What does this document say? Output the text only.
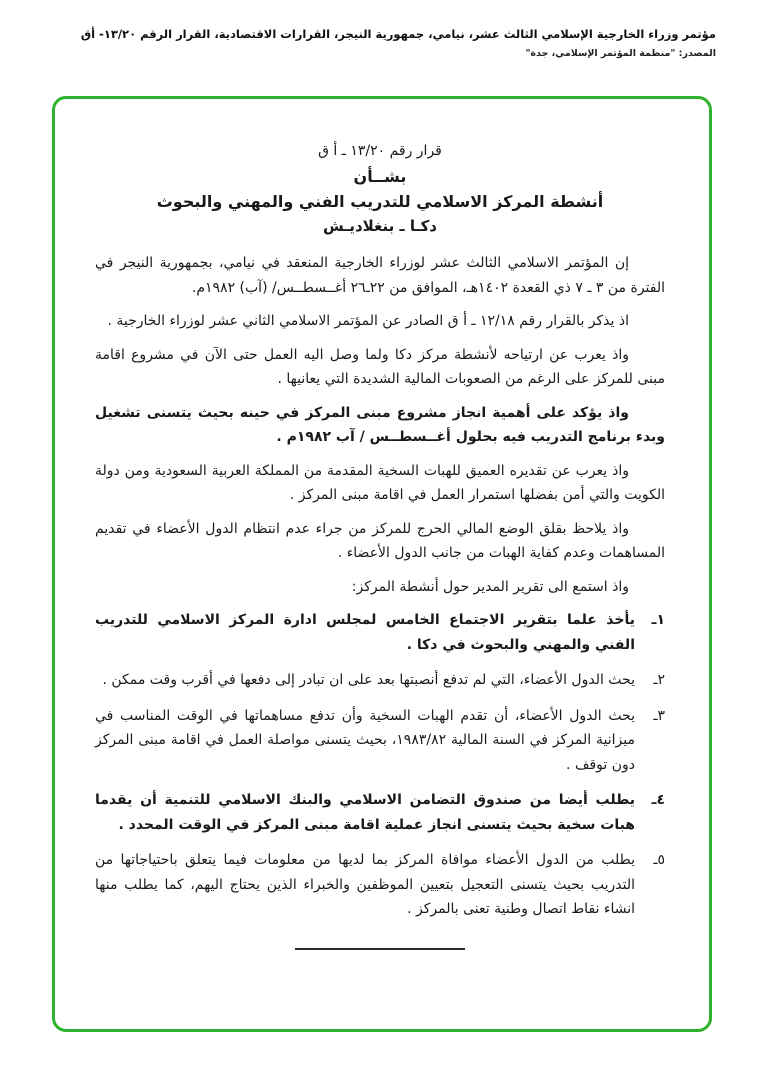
مؤتمر وزراء الخارجية الإسلامي الثالث عشر، نيامي، جمهورية النيجر، القرارات الاقتصادية، القرار الرقم ١٣/٢٠- أق
المصدر: "منظمة المؤتمر الإسلامي، جدة"
قرار رقم ١٣/٢٠ ـ أ ق
بشــأن
أنشطة المركز الاسلامي للتدريب الفني والمهني والبحوث
دكـا ـ بنغلاديـش

إن المؤتمر الاسلامي الثالث عشر لوزراء الخارجية المنعقد في نيامي، بجمهورية النيجر في الفترة من ٣ ـ ٧ ذي القعدة ١٤٠٢هـ، الموافق من ٢٢ـ٢٦ أغــسطــس/ (آب) ١٩٨٢م.

اذ يذكر بالقرار رقم ١٢/١٨ ـ أ ق الصادر عن المؤتمر الاسلامي الثاني عشر لوزراء الخارجية .

واذ يعرب عن ارتياحه لأنشطة مركز دكا ولما وصل اليه العمل حتى الآن في مشروع اقامة مبنى للمركز على الرغم من الصعوبات المالية الشديدة التي يعانيها .

واذ يؤكد على أهمية انجاز مشروع مبنى المركز في حينه بحيث يتسنى تشغيل وبدء برنامج التدريب فيه بحلول أغــسطــس / آب ١٩٨٢م .

واذ يعرب عن تقديره العميق للهبات السخية المقدمة من المملكة العربية السعودية ومن دولة الكويت والتي أمن بفضلها استمرار العمل في اقامة مبنى المركز .

واذ يلاحظ بقلق الوضع المالي الحرج للمركز من جراء عدم انتظام الدول الأعضاء في تقديم المساهمات وعدم كفاية الهبات من جانب الدول الأعضاء .

واذ استمع الى تقرير المدير حول أنشطة المركز:

١ـ
يأخذ علما بتقرير الاجتماع الخامس لمجلس ادارة المركز الاسلامي للتدريب الفني والمهني والبحوث في دكا .
٢ـ
يحث الدول الأعضاء، التي لم تدفع أنصبتها بعد على ان تبادر إلى دفعها في أقرب وقت ممكن .
٣ـ
يحث الدول الأعضاء، أن تقدم الهبات السخية وأن تدفع مساهماتها في الوقت المناسب في ميزانية المركز في السنة المالية ١٩٨٣/٨٢، بحيث يتسنى مواصلة العمل في اقامة مبنى المركز دون توقف .
٤ـ
يطلب أيضا من صندوق التضامن الاسلامي والبنك الاسلامي للتنمية أن يقدما هبات سخية بحيث يتسنى انجاز عملية اقامة مبنى المركز في الوقت المحدد .
٥ـ
يطلب من الدول الأعضاء موافاة المركز بما لديها من معلومات فيما يتعلق باحتياجاتها من التدريب بحيث يتسنى التعجيل بتعيين الموظفين والخبراء الذين يحتاج اليهم، كما يطلب منها انشاء نقاط اتصال وطنية تعنى بالمركز .
